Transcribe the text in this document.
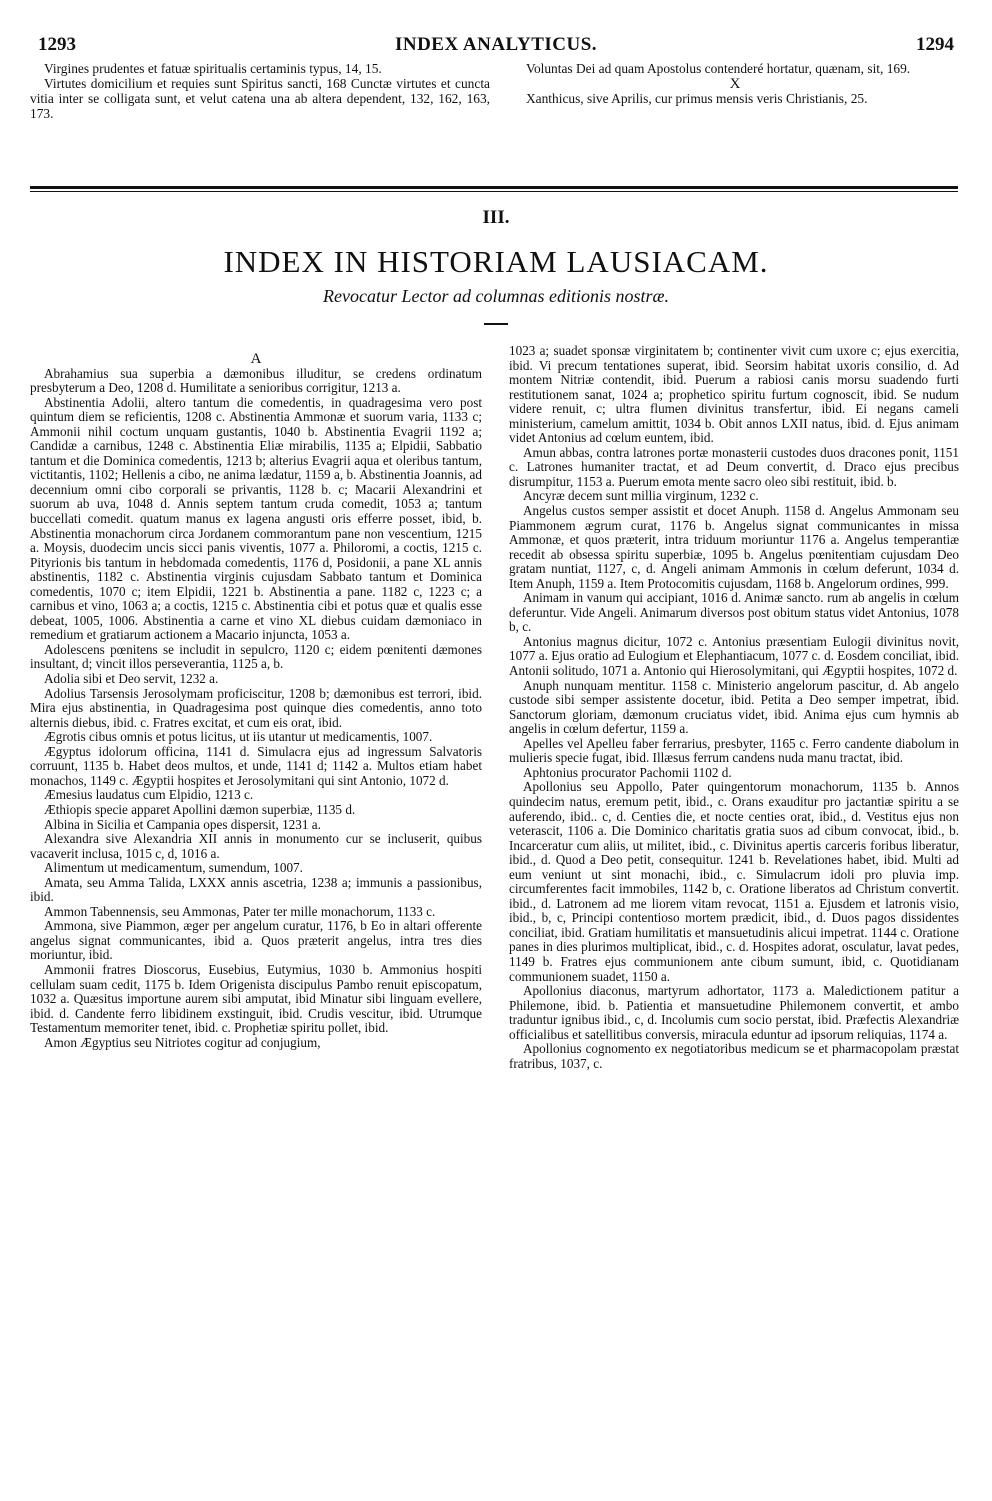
1293	INDEX ANALYTICUS.	1294

Virgines prudentes et fatuæ spiritualis certaminis typus, 14, 15.

Virtutes domicilium et requies sunt Spiritus sancti, 168 Cunctæ virtutes et cuncta vitia inter se colligata sunt, et velut catena una ab altera dependent, 132, 162, 163, 173.

Voluntas Dei ad quam Apostolus contenderé hortatur, quænam, sit, 169.

X

Xanthicus, sive Aprilis, cur primus mensis veris Christianis, 25.

III.
INDEX IN HISTORIAM LAUSIACAM.
Revocatur Lector ad columnas editionis nostræ.

A

Abrahamius sua superbia a dæmonibus illuditur, se credens ordinatum presbyterum a Deo, 1208 d. Humilitate a senioribus corrigitur, 1213 a.

Abstinentia Adolii, altero tantum die comedentis, in quadragesima vero post quintum diem se reficientis, 1208 c. Abstinentia Ammonæ et suorum varia, 1133 c; Ammonii nihil coctum unquam gustantis, 1040 b. Abstinentia Evagrii 1192 a; Candidæ a carnibus, 1248 c. Abstinentia Eliæ mirabilis, 1135 a; Elpidii, Sabbatio tantum et die Dominica comedentis, 1213 b; alterius Evagrii aqua et oleribus tantum, victitantis, 1102; Hellenis a cibo, ne anima lædatur, 1159 a, b. Abstinentia Joannis, ad decennium omni cibo corporali se privantis, 1128 b. c; Macarii Alexandrini et suorum ab uva, 1048 d. Annis septem tantum cruda comedit, 1053 a; tantum buccellati comedit. quatum manus ex lagena angusti oris efferre posset, ibid, b. Abstinentia monachorum circa Jordanem commorantum pane non vescentium, 1215 a. Moysis, duodecim uncis sicci panis viventis, 1077 a. Philoromi, a coctis, 1215 c. Pityrionis bis tantum in hebdomada comedentis, 1176 d, Posidonii, a pane XL annis abstinentis, 1182 c. Abstinentia virginis cujusdam Sabbato tantum et Dominica comedentis, 1070 c; item Elpidii, 1221 b. Abstinentia a pane. 1182 c, 1223 c; a carnibus et vino, 1063 a; a coctis, 1215 c. Abstinentia cibi et potus quæ et qualis esse debeat, 1005, 1006. Abstinentia a carne et vino XL diebus cuidam dæmoniaco in remedium et gratiarum actionem a Macario injuncta, 1053 a.

Adolescens pœnitens se includit in sepulcro, 1120 c; eidem pœnitenti dæmones insultant, d; vincit illos perseverantia, 1125 a, b.

Adolia sibi et Deo servit, 1232 a.

Adolius Tarsensis Jerosolymam proficiscitur, 1208 b; dæmonibus est terrori, ibid. Mira ejus abstinentia, in Quadragesima post quinque dies comedentis, anno toto alternis diebus, ibid. c. Fratres excitat, et cum eis orat, ibid.

Ægrotis cibus omnis et potus licitus, ut iis utantur ut medicamentis, 1007.

Ægyptus idolorum officina, 1141 d. Simulacra ejus ad ingressum Salvatoris corruunt, 1135 b. Habet deos multos, et unde, 1141 d; 1142 a. Multos etiam habet monachos, 1149 c. Ægyptii hospites et Jerosolymitani qui sint Antonio, 1072 d.

Æmesius laudatus cum Elpidio, 1213 c.

Æthiopis specie apparet Apollini dæmon superbiæ, 1135 d.

Albina in Sicilia et Campania opes dispersit, 1231 a.

Alexandra sive Alexandria XII annis in monumento cur se incluserit, quibus vacaverit inclusa, 1015 c, d, 1016 a.

Alimentum ut medicamentum, sumendum, 1007.

Amata, seu Amma Talida, LXXX annis ascetria, 1238 a; immunis a passionibus, ibid.

Ammon Tabennensis, seu Ammonas, Pater ter mille monachorum, 1133 c.

Ammona, sive Piammon, æger per angelum curatur, 1176, b Eo in altari offerente angelus signat communicantes, ibid a. Quos præterit angelus, intra tres dies moriuntur, ibid.

Ammonii fratres Dioscorus, Eusebius, Eutymius, 1030 b. Ammonius hospiti cellulam suam cedit, 1175 b. Idem Origenista discipulus Pambo renuit episcopatum, 1032 a. Quæsitus importune aurem sibi amputat, ibid Minatur sibi linguam evellere, ibid. d. Candente ferro libidinem exstinguit, ibid. Crudis vescitur, ibid. Utrumque Testamentum memoriter tenet, ibid. c. Prophetiæ spiritu pollet, ibid.

Amon Ægyptius seu Nitriotes cogitur ad conjugium,

1023 a; suadet sponsæ virginitatem b; continenter vivit cum uxore c; ejus exercitia, ibid. Vi precum tentationes superat, ibid. Seorsim habitat uxoris consilio, d. Ad montem Nitriæ contendit, ibid. Puerum a rabiosi canis morsu suadendo furti restitutionem sanat, 1024 a; prophetico spiritu furtum cognoscit, ibid. Se nudum videre renuit, c; ultra flumen divinitus transfertur, ibid. Ei negans cameli ministerium, camelum amittit, 1034 b. Obit annos LXII natus, ibid. d. Ejus animam videt Antonius ad cœlum euntem, ibid.

Amun abbas, contra latrones portæ monasterii custodes duos dracones ponit, 1151 c. Latrones humaniter tractat, et ad Deum convertit, d. Draco ejus precibus disrumpitur, 1153 a. Puerum emota mente sacro oleo sibi restituit, ibid. b.

Ancyræ decem sunt millia virginum, 1232 c.

Angelus custos semper assistit et docet Anuph. 1158 d. Angelus Ammonam seu Piammonem ægrum curat, 1176 b. Angelus signat communicantes in missa Ammonæ, et quos præterit, intra triduum moriuntur 1176 a. Angelus temperantiæ recedit ab obsessa spiritu superbiæ, 1095 b. Angelus pœnitentiam cujusdam Deo gratam nuntiat, 1127, c, d. Angeli animam Ammonis in cœlum deferunt, 1034 d. Item Anuph, 1159 a. Item Protocomitis cujusdam, 1168 b. Angelorum ordines, 999.

Animam in vanum qui accipiant, 1016 d. Animæ sancto. rum ab angelis in cœlum deferuntur. Vide Angeli. Animarum diversos post obitum status videt Antonius, 1078 b, c.

Antonius magnus dicitur, 1072 c. Antonius præsentiam Eulogii divinitus novit, 1077 a. Ejus oratio ad Eulogium et Elephantiacum, 1077 c. d. Eosdem conciliat, ibid. Antonii solitudo, 1071 a. Antonio qui Hierosolymitani, qui Ægyptii hospites, 1072 d.

Anuph nunquam mentitur. 1158 c. Ministerio angelorum pascitur, d. Ab angelo custode sibi semper assistente docetur, ibid. Petita a Deo semper impetrat, ibid. Sanctorum gloriam, dæmonum cruciatus videt, ibid. Anima ejus cum hymnis ab angelis in cœlum defertur, 1159 a.

Apelles vel Apelleu faber ferrarius, presbyter, 1165 c. Ferro candente diabolum in mulieris specie fugat, ibid. Illæsus ferrum candens nuda manu tractat, ibid.

Aphtonius procurator Pachomii 1102 d.

Apollonius seu Appollo, Pater quingentorum monachorum, 1135 b. Annos quindecim natus, eremum petit, ibid., c. Orans exauditur pro jactantiæ spiritu a se auferendo, ibid.. c, d. Centies die, et nocte centies orat, ibid., d. Vestitus ejus non veterascit, 1106 a. Die Dominico charitatis gratia suos ad cibum convocat, ibid., b. Incarceratur cum aliis, ut militet, ibid., c. Divinitus apertis carceris foribus liberatur, ibid., d. Quod a Deo petit, consequitur. 1241 b. Revelationes habet, ibid. Multi ad eum veniunt ut sint monachi, ibid., c. Simulacrum idoli pro pluvia imp. circumferentes facit immobiles, 1142 b, c. Oratione liberatos ad Christum convertit. ibid., d. Latronem ad me liorem vitam revocat, 1151 a. Ejusdem et latronis visio, ibid., b, c, Principi contentioso mortem prædicit, ibid., d. Duos pagos dissidentes conciliat, ibid. Gratiam humilitatis et mansuetudinis alicui impetrat. 1144 c. Oratione panes in dies plurimos multiplicat, ibid., c. d. Hospites adorat, osculatur, lavat pedes, 1149 b. Fratres ejus communionem ante cibum sumunt, ibid, c. Quotidianam communionem suadet, 1150 a.

Apollonius diaconus, martyrum adhortator, 1173 a. Maledictionem patitur a Philemone, ibid. b. Patientia et mansuetudine Philemonem convertit, et ambo traduntur ignibus ibid., c, d. Incolumis cum socio perstat, ibid. Præfectis Alexandriæ officialibus et satellitibus conversis, miracula eduntur ad ipsorum reliquias, 1174 a.

Apollonius cognomento ex negotiatoribus medicum se et pharmacopolam præstat fratribus, 1037, c.
